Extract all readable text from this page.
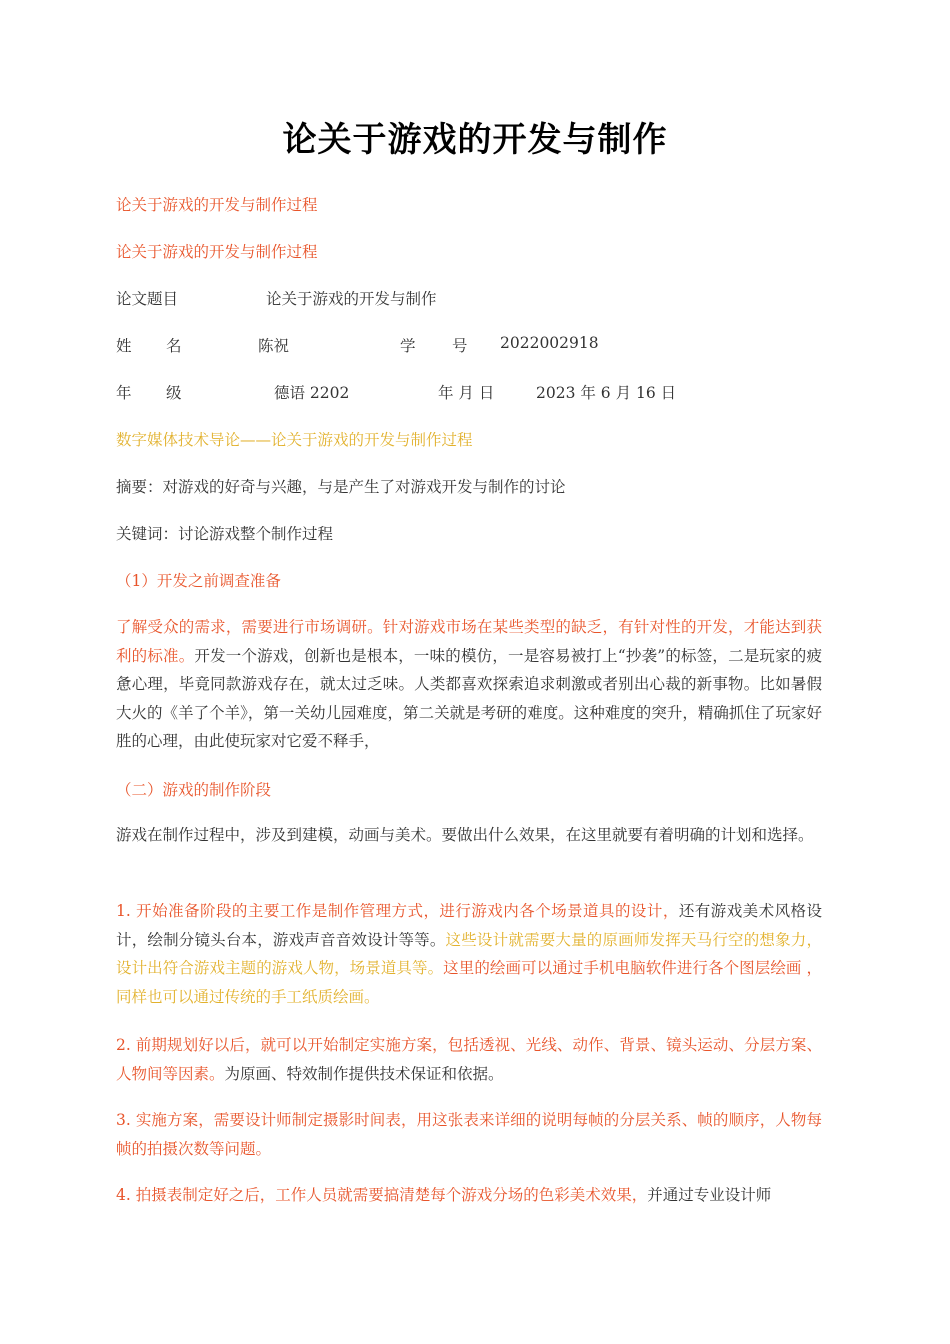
论关于游戏的开发与制作
论关于游戏的开发与制作过程
论关于游戏的开发与制作过程
论文题目	论关于游戏的开发与制作
姓 名	陈祝	学 号 2022002918
年 级	德语 2202	年 月 日	2023 年 6 月 16 日
数字媒体技术导论——论关于游戏的开发与制作过程
摘要：对游戏的好奇与兴趣，与是产生了对游戏开发与制作的讨论
关键词：讨论游戏整个制作过程
（1）开发之前调查准备
了解受众的需求，需要进行市场调研。针对游戏市场在某些类型的缺乏，有针对性的开发，才能达到获利的标准。开发一个游戏，创新也是根本，一味的模仿，一是容易被打上“抄袭”的标签，二是玩家的疲惫心理，毕竟同款游戏存在，就太过乏味。人类都喜欢探索追求刺激或者别出心裁的新事物。比如暑假大火的《羊了个羊》，第一关幼儿园难度，第二关就是考研的难度。这种难度的突升，精确抓住了玩家好胜的心理，由此使玩家对它爱不释手，
（二）游戏的制作阶段
游戏在制作过程中，涉及到建模，动画与美术。要做出什么效果，在这里就要有着明确的计划和选择。
1. 开始准备阶段的主要工作是制作管理方式，进行游戏内各个场景道具的设计，还有游戏美术风格设计，绘制分镜头台本，游戏声音音效设计等等。这些设计就需要大量的原画师发挥天马行空的想象力，设计出符合游戏主题的游戏人物，场景道具等。这里的绘画可以通过手机电脑软件进行各个图层绘画 ，同样也可以通过传统的手工纸质绘画。
2. 前期规划好以后，就可以开始制定实施方案，包括透视、光线、动作、背景、镜头运动、分层方案、人物间等因素。为原画、特效制作提供技术保证和依据。
3. 实施方案，需要设计师制定摄影时间表，用这张表来详细的说明每帧的分层关系、帧的顺序，人物每帧的拍摄次数等问题。
4. 拍摄表制定好之后，工作人员就需要搞清楚每个游戏分场的色彩美术效果，并通过专业设计师
